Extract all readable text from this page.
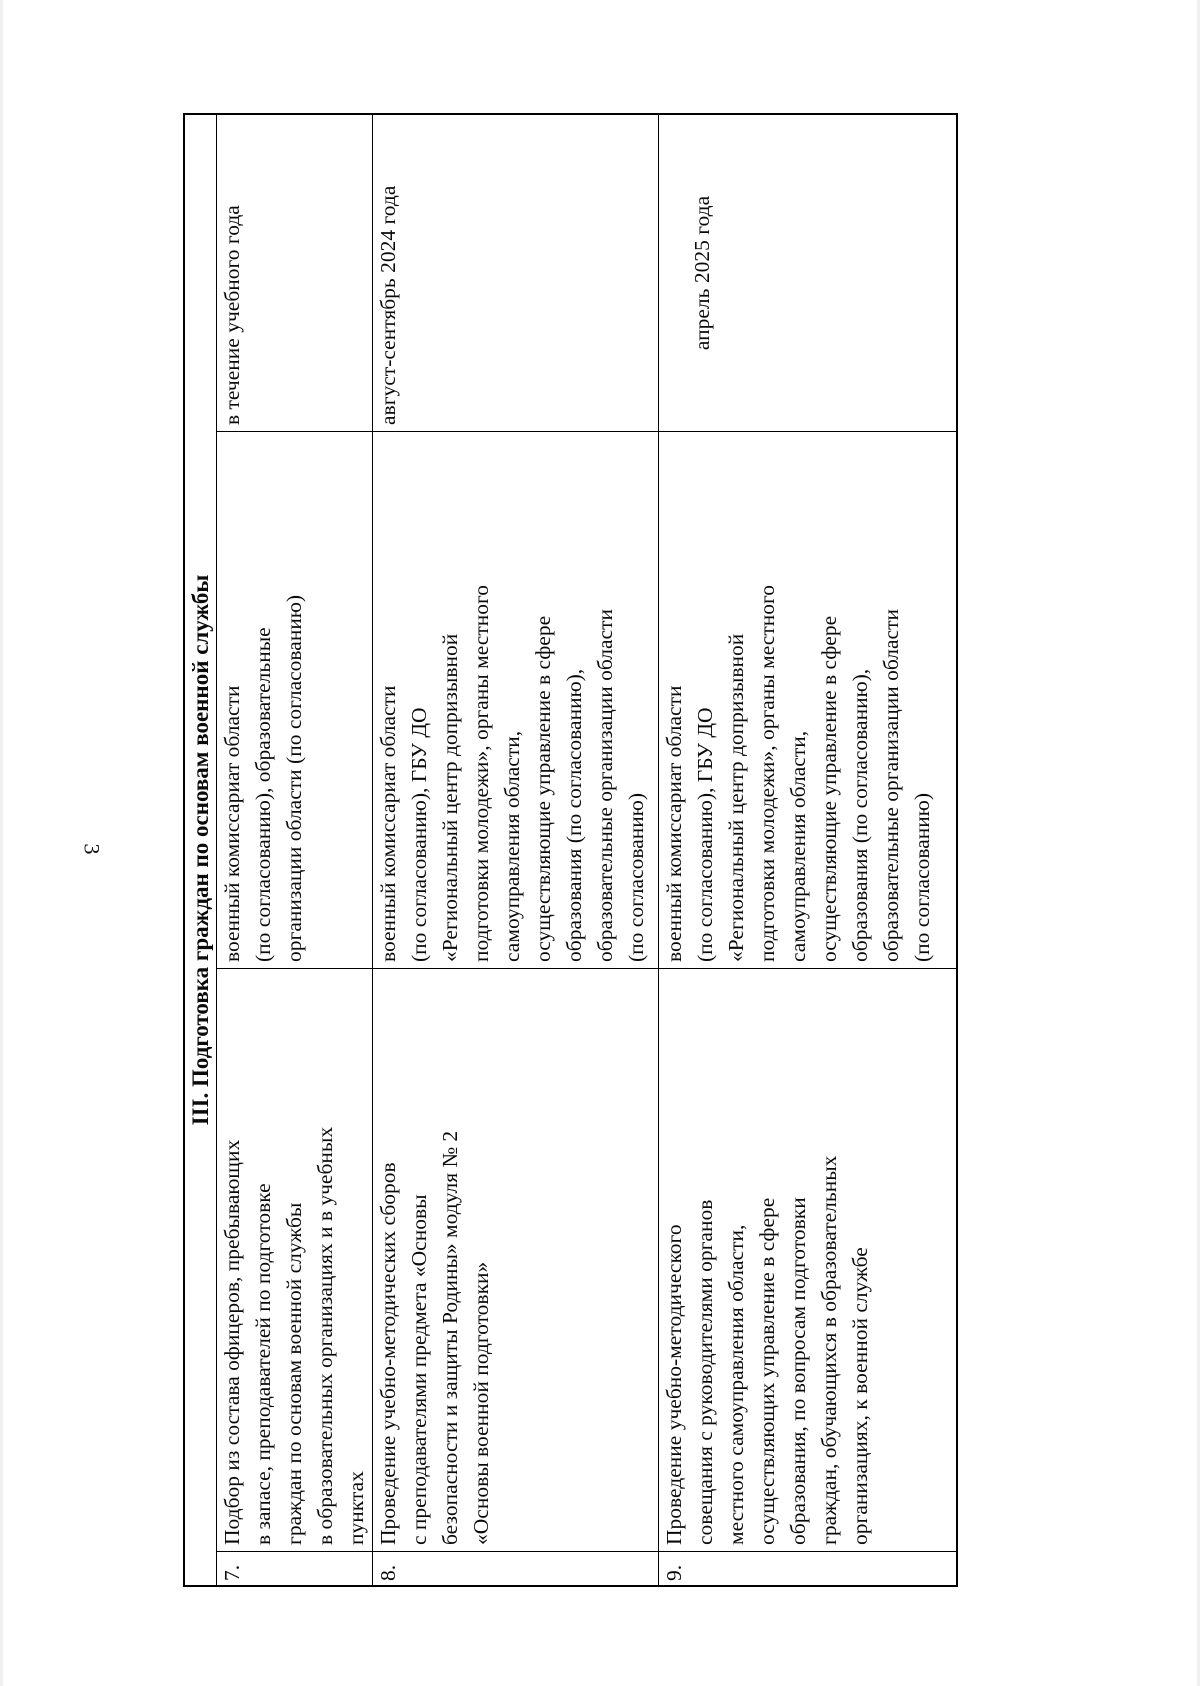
3	III. Подготовка граждан по основам военной службы
7.
Подбор из состава офицеров, пребывающих
в запасе, преподавателей по подготовке
граждан по основам военной службы
в образовательных организациях и в учебных
пунктах
военный комиссариат области
(по согласованию), образовательные
организации области (по согласованию)
в течение учебного года
8.
Проведение учебно-методических сборов
с преподавателями предмета «Основы
безопасности и защиты Родины» модуля № 2
«Основы военной подготовки»
военный комиссариат области
(по согласованию), ГБУ ДО
«Региональный центр допризывной
подготовки молодежи», органы местного
самоуправления области,
осуществляющие управление в сфере
образования (по согласованию),
образовательные организации области
(по согласованию)
август-сентябрь 2024 года
9.
Проведение учебно-методического
совещания с руководителями органов
местного самоуправления области,
осуществляющих управление в сфере
образования, по вопросам подготовки
граждан, обучающихся в образовательных
организациях, к военной службе
военный комиссариат области
(по согласованию), ГБУ ДО
«Региональный центр допризывной
подготовки молодежи», органы местного
самоуправления области,
осуществляющие управление в сфере
образования (по согласованию),
образовательные организации области
(по согласованию)
апрель 2025 года
